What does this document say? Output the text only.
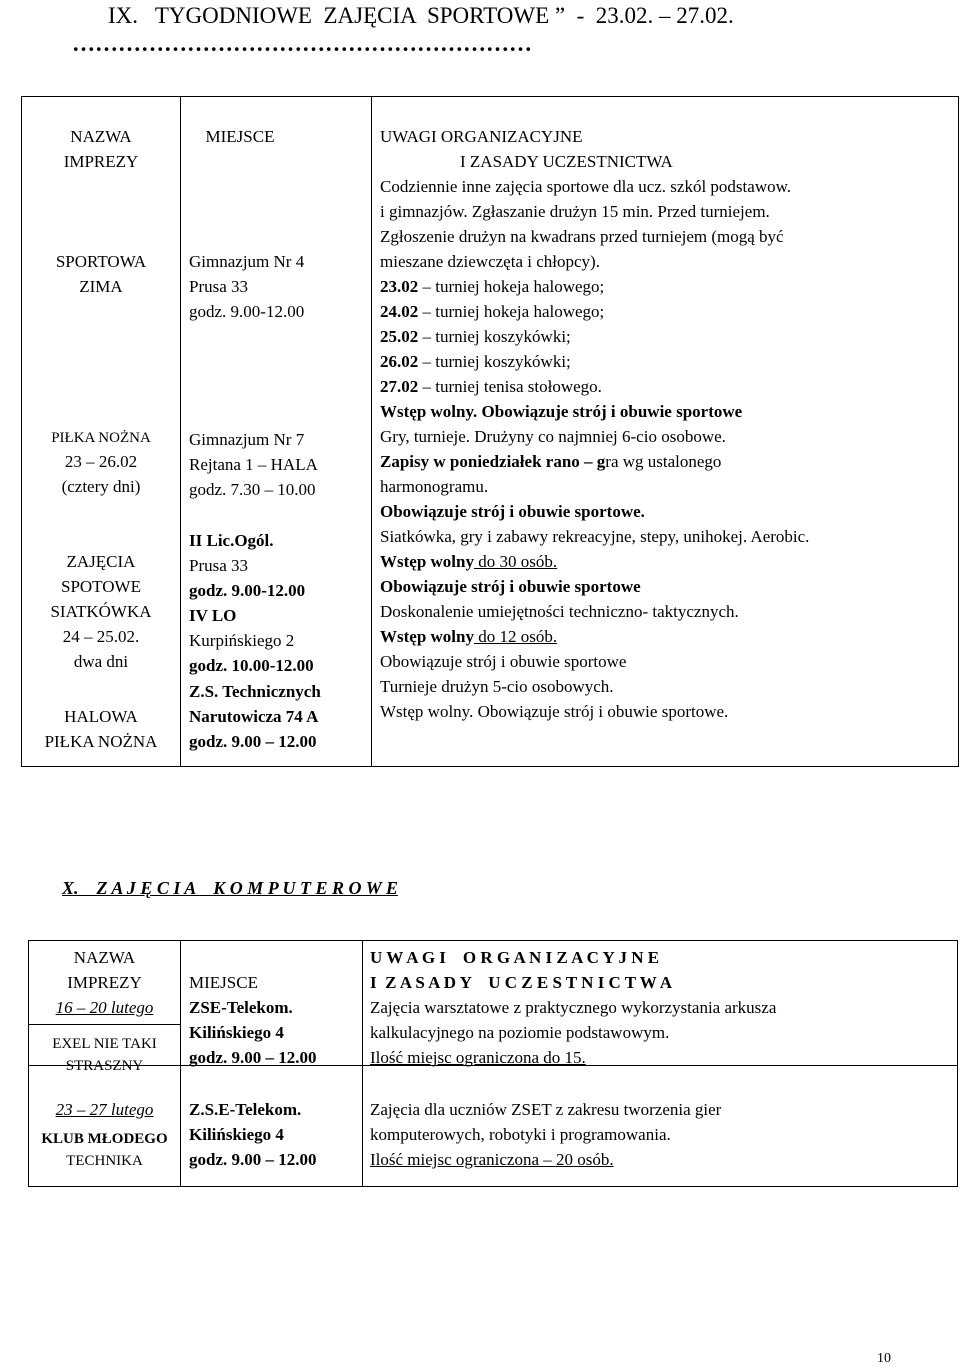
IX.   TYGODNIOWE  ZAJĘCIA  SPORTOWE ”  -  23.02. – 27.02.
……………………………………………………
NAZWA
IMPREZY
MIEJSCE	UWAGI ORGANIZACYJNE
I ZASADY UCZESTNICTWA
SPORTOWA
ZIMA
PIŁKA NOŻNA
23 – 26.02
(cztery dni)
ZAJĘCIA
SPOTOWE
SIATKÓWKA
24 – 25.02.
dwa dni
HALOWA
PIŁKA NOŻNA
Gimnazjum Nr 4
Prusa 33
godz. 9.00-12.00
Gimnazjum Nr 7
Rejtana 1 – HALA
godz. 7.30 – 10.00
II Lic.Ogól.
Prusa 33
godz. 9.00-12.00
IV LO
Kurpińskiego 2
godz. 10.00-12.00
Z.S. Technicznych
Narutowicza 74 A
godz. 9.00 – 12.00
Codziennie inne zajęcia sportowe dla ucz. szkól podstawow.
i gimnazjów. Zgłaszanie drużyn 15 min. Przed turniejem.
Zgłoszenie drużyn na kwadrans przed turniejem (mogą być
mieszane dziewczęta i chłopcy).
23.02 – turniej hokeja halowego;
24.02 – turniej hokeja halowego;
25.02 – turniej koszykówki;
26.02 – turniej koszykówki;
27.02 – turniej tenisa stołowego.
Wstęp wolny. Obowiązuje strój i obuwie sportowe
Gry, turnieje. Drużyny co najmniej 6-cio osobowe.
Zapisy w poniedziałek rano – gra wg ustalonego
harmonogramu.
Obowiązuje strój i obuwie sportowe.
Siatkówka, gry i zabawy rekreacyjne, stepy, unihokej. Aerobic.
Wstęp wolny do 30 osób.
Obowiązuje strój i obuwie sportowe
Doskonalenie umiejętności techniczno- taktycznych.
Wstęp wolny do 12 osób.
Obowiązuje strój i obuwie sportowe
Turnieje drużyn 5-cio osobowych.
Wstęp wolny. Obowiązuje strój i obuwie sportowe.
X.    Z A J Ę C I A    K O M P U T E R O W E
NAZWA
IMPREZY	MIEJSCE
U W A G I    O R G A N I Z A C Y J N E
I  Z A S A D Y    U C Z E S T N I C T W A
16 – 20 lutego
EXEL NIE TAKI
STRASZNY
ZSE-Telekom.
Kilińskiego 4
godz. 9.00 – 12.00
Zajęcia warsztatowe z praktycznego wykorzystania arkusza
kalkulacyjnego na poziomie podstawowym.
Ilość miejsc ograniczona do 15.
23 – 27 lutego
KLUB MŁODEGO
TECHNIKA
Z.S.E-Telekom.
Kilińskiego 4
godz. 9.00 – 12.00
Zajęcia dla uczniów ZSET z zakresu tworzenia gier
komputerowych, robotyki i programowania.
Ilość miejsc ograniczona – 20 osób.
10
